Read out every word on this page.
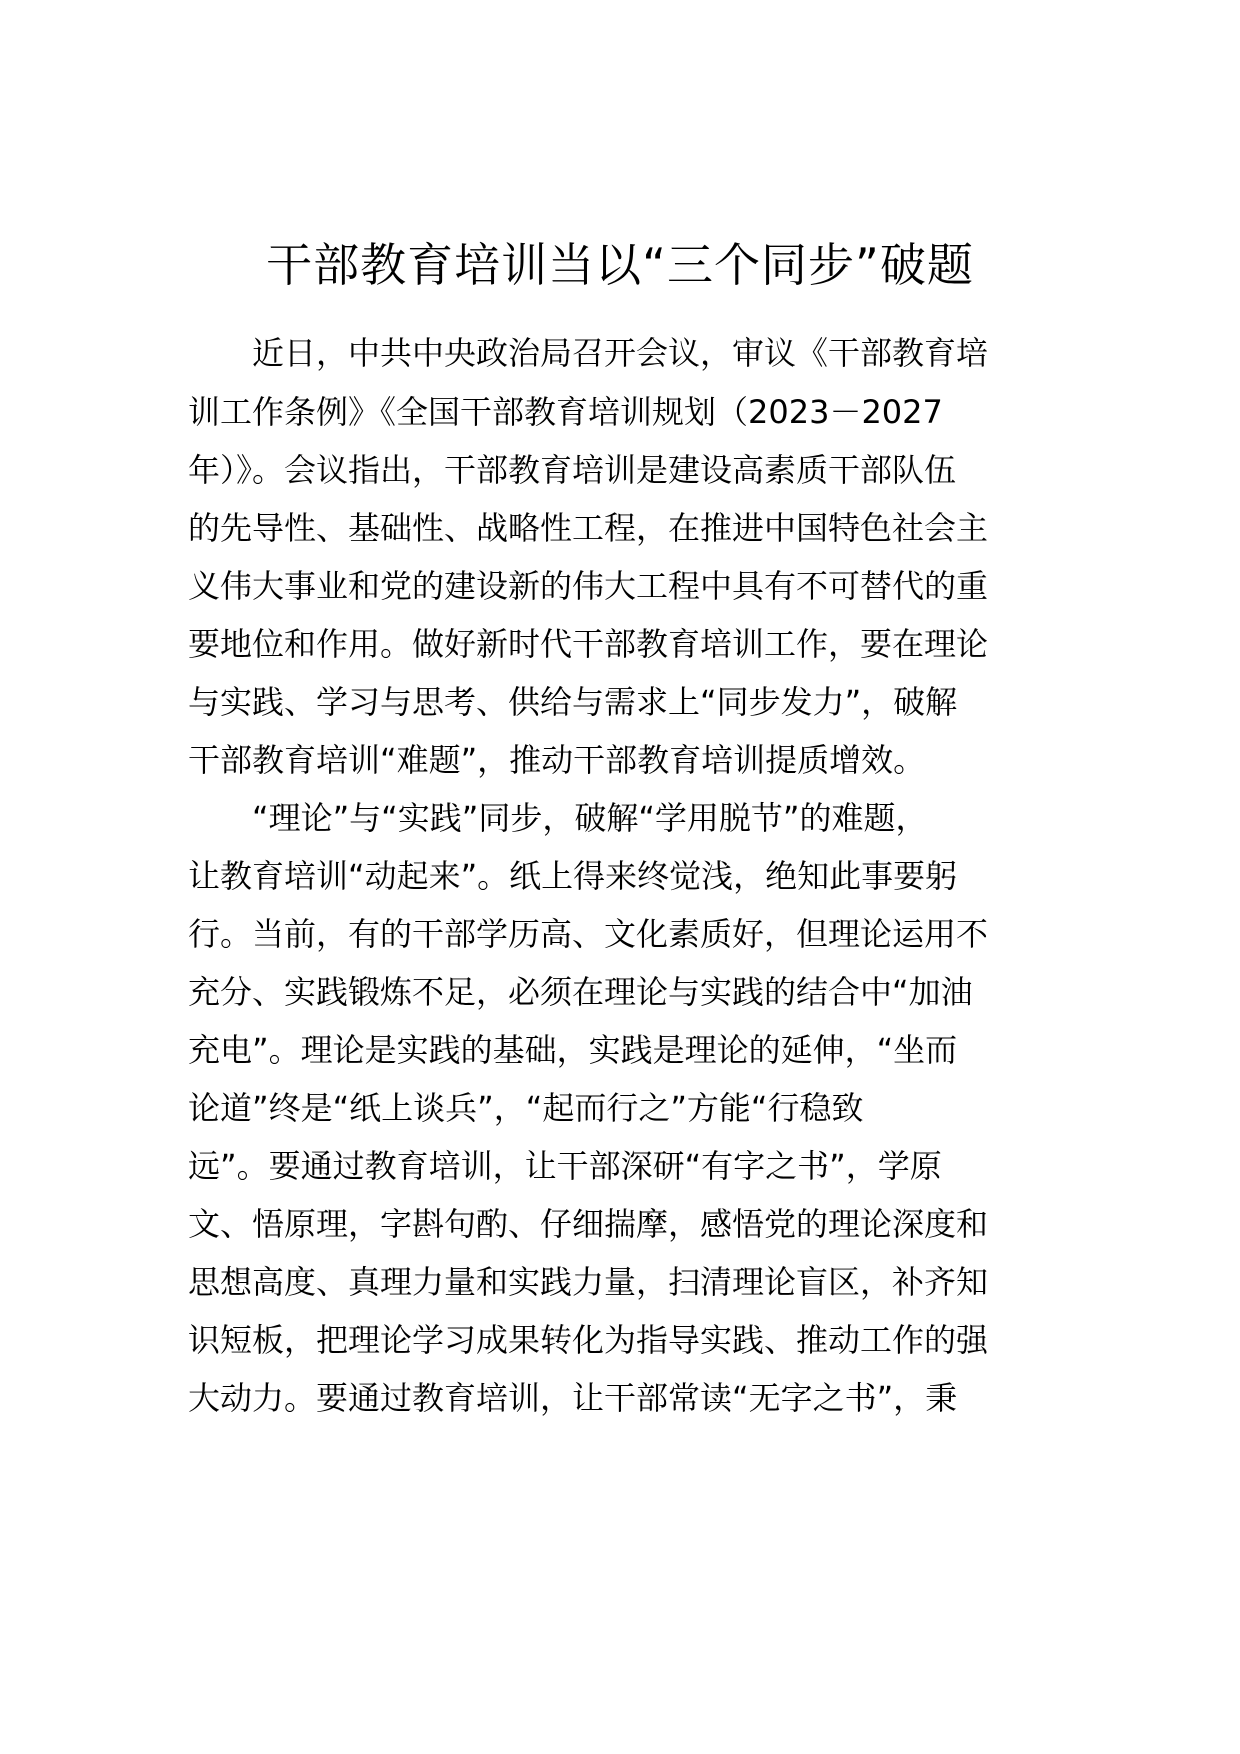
干部教育培训当以“三个同步”破题
近日，中共中央政治局召开会议，审议《干部教育培
训工作条例》《全国干部教育培训规划（2023－2027
年）》。会议指出，干部教育培训是建设高素质干部队伍
的先导性、基础性、战略性工程，在推进中国特色社会主
义伟大事业和党的建设新的伟大工程中具有不可替代的重
要地位和作用。做好新时代干部教育培训工作，要在理论
与实践、学习与思考、供给与需求上“同步发力”，破解
干部教育培训“难题”，推动干部教育培训提质增效。
“理论”与“实践”同步，破解“学用脱节”的难题，
让教育培训“动起来”。纸上得来终觉浅，绝知此事要躬
行。当前，有的干部学历高、文化素质好，但理论运用不
充分、实践锻炼不足，必须在理论与实践的结合中“加油
充电”。理论是实践的基础，实践是理论的延伸，“坐而
论道”终是“纸上谈兵”，“起而行之”方能“行稳致
远”。要通过教育培训，让干部深研“有字之书”，学原
文、悟原理，字斟句酌、仔细揣摩，感悟党的理论深度和
思想高度、真理力量和实践力量，扫清理论盲区，补齐知
识短板，把理论学习成果转化为指导实践、推动工作的强
大动力。要通过教育培训，让干部常读“无字之书”，秉
